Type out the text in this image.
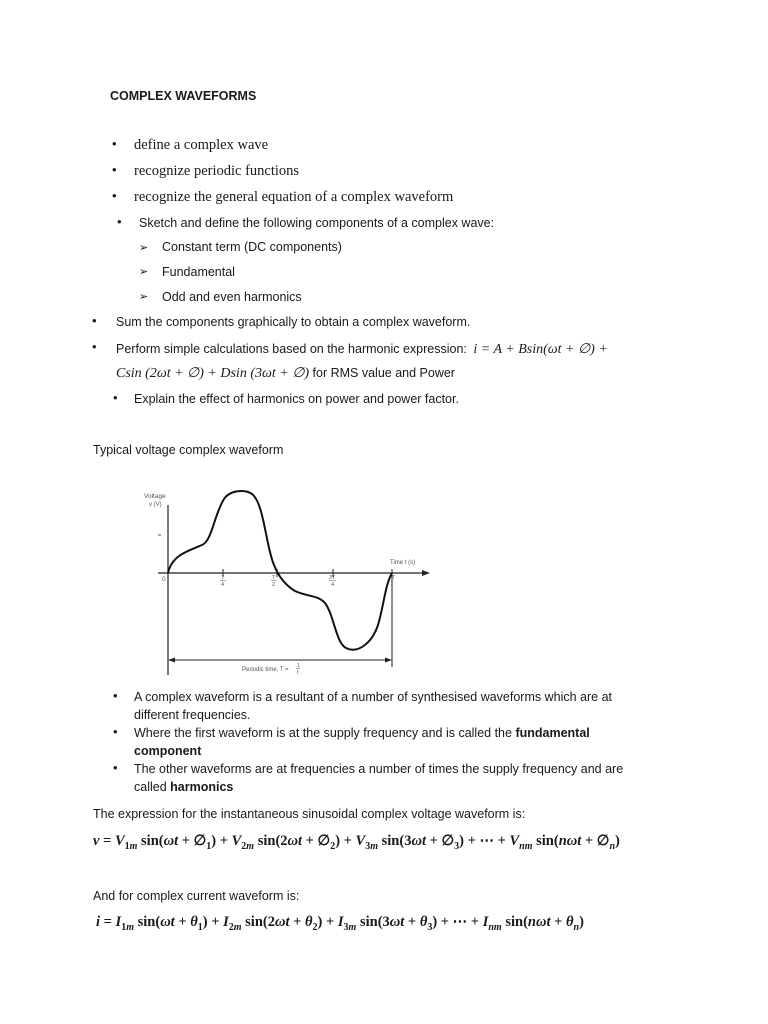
COMPLEX WAVEFORMS
• define a complex wave
• recognize periodic functions
• recognize the general equation of a complex waveform
• Sketch and define the following components of a complex wave:
➢ Constant term (DC components)
➢ Fundamental
➢ Odd and even harmonics
• Sum the components graphically to obtain a complex waveform.
• Perform simple calculations based on the harmonic expression: i = A + Bsin(ωt + ∅) +
Csin (2ωt + ∅) + Dsin (3ωt + ∅) for RMS value and Power
• Explain the effect of harmonics on power and power factor.
Typical voltage complex waveform
Voltage
v (V)
Time t (s)
0	T
4
T
2
3T
4
T
Periodic time, T =
1
f
• A complex waveform is a resultant of a number of synthesised waveforms which are at
different frequencies.
• Where the first waveform is at the supply frequency and is called the fundamental
component
• The other waveforms are at frequencies a number of times the supply frequency and are
called harmonics
The expression for the instantaneous sinusoidal complex voltage waveform is:
$v = V_{1m}$ $\sin(\omega t + \emptyset_1) + V_{2m}$ $\sin(2\omega t + \emptyset_2) + V_{3m}$ $\sin(3\omega t + \emptyset_3)$ + ⋯ + $V_{nm}$ $\sin(n\omega t + \emptyset_n)$
And for complex current waveform is:
$i = I_{1m}$ $\sin(\omega t + \theta_1) + I_{2m}$ $\sin(2\omega t + \theta_2) + I_{3m}$ $\sin(3\omega t + \theta_3)$ + ⋯ + $I_{nm}$ $\sin(n\omega t + \theta_n)$
